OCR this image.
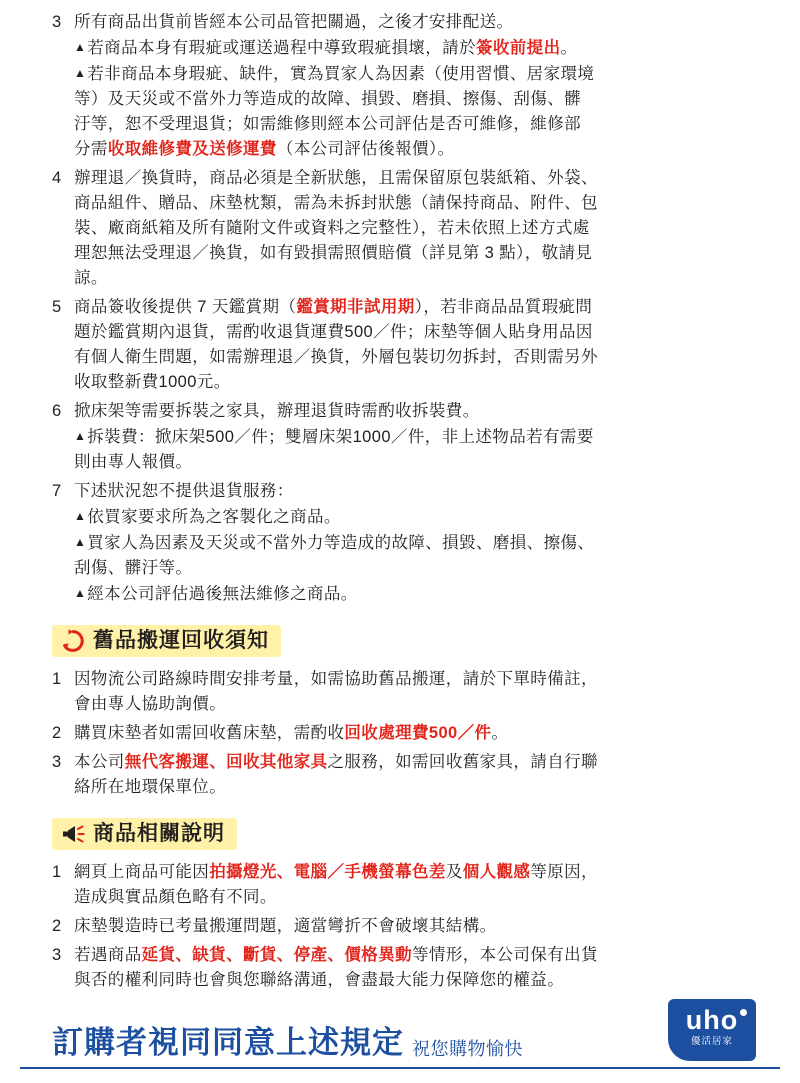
3 所有商品出貨前皆經本公司品管把關過，之後才安排配送。
▲若商品本身有瑕疵或運送過程中導致瑕疵損壞，請於簽收前提出。
▲若非商品本身瑕疵、缺件，實為買家人為因素（使用習慣、居家環境
等）及天災或不當外力等造成的故障、損毀、磨損、擦傷、刮傷、髒
汙等，恕不受理退貨；如需維修則經本公司評估是否可維修，維修部
分需收取維修費及送修運費（本公司評估後報價）。
4 辦理退／換貨時，商品必須是全新狀態，且需保留原包裝紙箱、外袋、
商品組件、贈品、床墊枕類，需為未拆封狀態（請保持商品、附件、包
裝、廠商紙箱及所有隨附文件或資料之完整性），若未依照上述方式處
理恕無法受理退／換貨，如有毀損需照價賠償（詳見第 3 點），敬請見
諒。
5 商品簽收後提供 7 天鑑賞期（鑑賞期非試用期），若非商品品質瑕疵問
題於鑑賞期內退貨，需酌收退貨運費500／件；床墊等個人貼身用品因
有個人衛生問題，如需辦理退／換貨，外層包裝切勿拆封，否則需另外
收取整新費1000元。
6 掀床架等需要拆裝之家具，辦理退貨時需酌收拆裝費。
▲拆裝費：掀床架500／件；雙層床架1000／件，非上述物品若有需要
則由專人報價。
7 下述狀況恕不提供退貨服務：
▲依買家要求所為之客製化之商品。
▲買家人為因素及天災或不當外力等造成的故障、損毀、磨損、擦傷、
刮傷、髒汙等。
▲經本公司評估過後無法維修之商品。
舊品搬運回收須知
1 因物流公司路線時間安排考量，如需協助舊品搬運，請於下單時備註，
會由專人協助詢價。
2 購買床墊者如需回收舊床墊，需酌收回收處理費500／件。
3 本公司無代客搬運、回收其他家具之服務，如需回收舊家具，請自行聯
絡所在地環保單位。
商品相關說明
1 網頁上商品可能因拍攝燈光、電腦／手機螢幕色差及個人觀感等原因，
造成與實品顏色略有不同。
2 床墊製造時已考量搬運問題，適當彎折不會破壞其結構。
3 若遇商品延貨、缺貨、斷貨、停產、價格異動等情形，本公司保有出貨
與否的權利同時也會與您聯絡溝通，會盡最大能力保障您的權益。
訂購者視同同意上述規定 祝您購物愉快
uho
優活居家
